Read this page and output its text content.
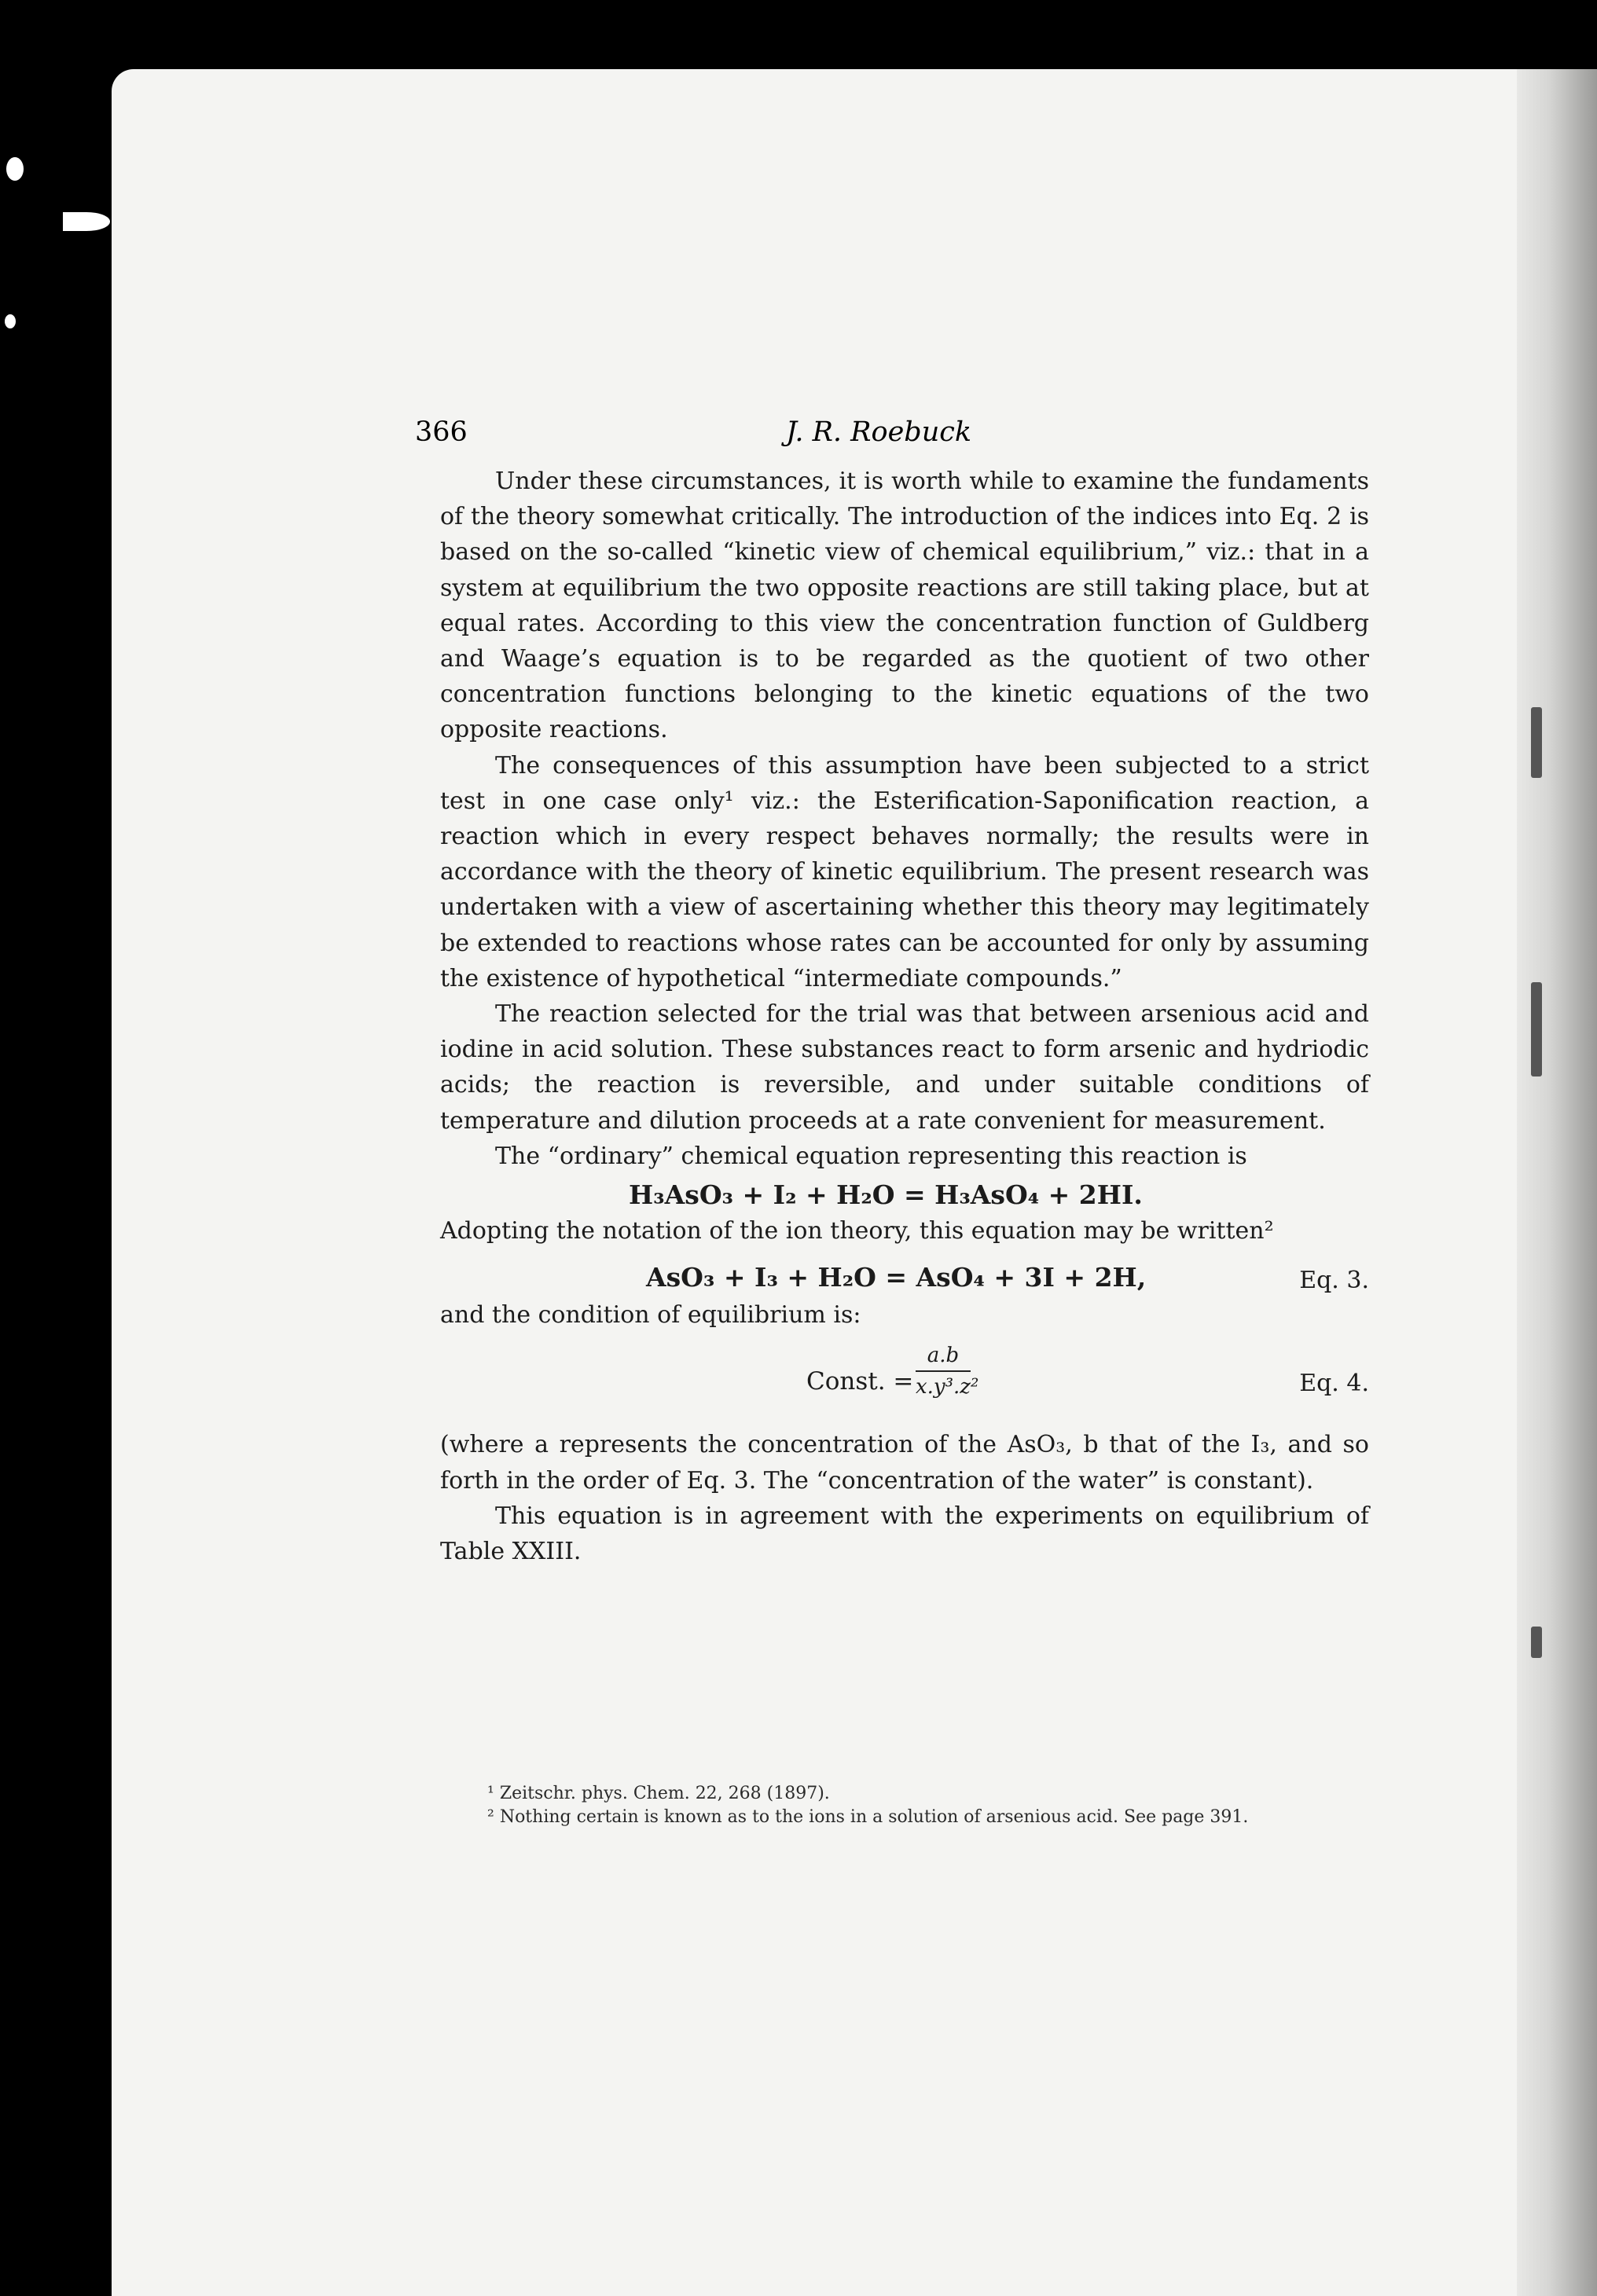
366	J. R. Roebuck

Under these circumstances, it is worth while to examine the fundaments of the theory somewhat critically. The introduction of the indices into Eq. 2 is based on the so-called “kinetic view of chemical equilibrium,” viz.: that in a system at equilibrium the two opposite reactions are still taking place, but at equal rates. According to this view the concentration function of Guldberg and Waage’s equation is to be regarded as the quotient of two other concentration functions belonging to the kinetic equations of the two opposite reactions.

The consequences of this assumption have been subjected to a strict test in one case only¹ viz.: the Esterification-Saponification reaction, a reaction which in every respect behaves normally; the results were in accordance with the theory of kinetic equilibrium. The present research was undertaken with a view of ascertaining whether this theory may legitimately be extended to reactions whose rates can be accounted for only by assuming the existence of hypothetical “intermediate compounds.”

The reaction selected for the trial was that between arsenious acid and iodine in acid solution. These substances react to form arsenic and hydriodic acids; the reaction is reversible, and under suitable conditions of temperature and dilution proceeds at a rate convenient for measurement.

The “ordinary” chemical equation representing this reaction is

H₃AsO₃ + I₂ + H₂O = H₃AsO₄ + 2HI.

Adopting the notation of the ion theory, this equation may be written²

AsO₃ + I₃ + H₂O = AsO₄ + 3I + 2H,	Eq. 3.

and the condition of equilibrium is:

Const. =
a.b
x.y³.z²	Eq. 4.

(where a represents the concentration of the AsO₃, b that of the I₃, and so forth in the order of Eq. 3. The “concentration of the water” is constant).

This equation is in agreement with the experiments on equilibrium of Table XXIII.

¹ Zeitschr. phys. Chem. 22, 268 (1897).

² Nothing certain is known as to the ions in a solution of arsenious acid. See page 391.
